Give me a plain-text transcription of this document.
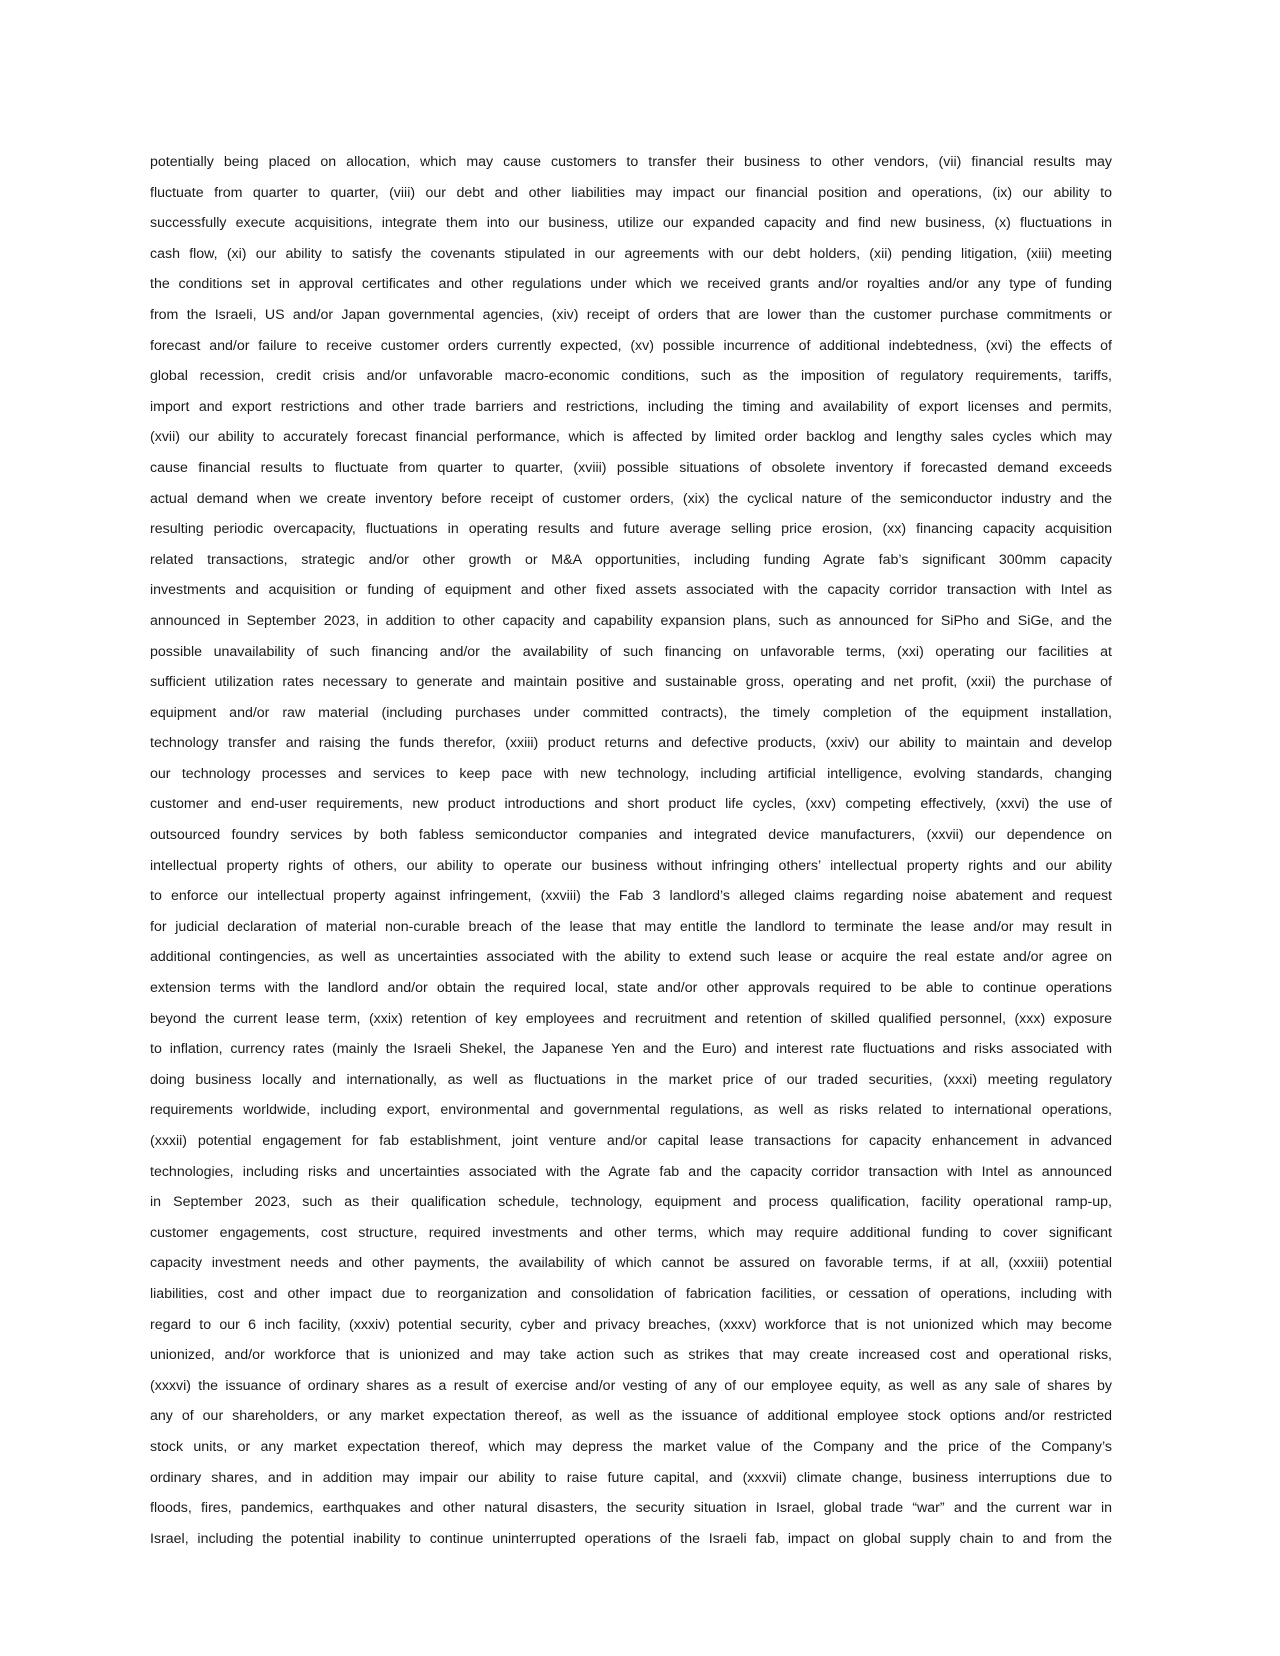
potentially being placed on allocation, which may cause customers to transfer their business to other vendors, (vii) financial results may
fluctuate from quarter to quarter, (viii) our debt and other liabilities may impact our financial position and operations, (ix) our ability to
successfully execute acquisitions, integrate them into our business, utilize our expanded capacity and find new business, (x) fluctuations in
cash flow, (xi) our ability to satisfy the covenants stipulated in our agreements with our debt holders, (xii) pending litigation, (xiii) meeting
the conditions set in approval certificates and other regulations under which we received grants and/or royalties and/or any type of funding
from the Israeli, US and/or Japan governmental agencies, (xiv) receipt of orders that are lower than the customer purchase commitments or
forecast and/or failure to receive customer orders currently expected, (xv) possible incurrence of additional indebtedness, (xvi) the effects of
global recession, credit crisis and/or unfavorable macro-economic conditions, such as the imposition of regulatory requirements, tariffs,
import and export restrictions and other trade barriers and restrictions, including the timing and availability of export licenses and permits,
(xvii) our ability to accurately forecast financial performance, which is affected by limited order backlog and lengthy sales cycles which may
cause financial results to fluctuate from quarter to quarter, (xviii) possible situations of obsolete inventory if forecasted demand exceeds
actual demand when we create inventory before receipt of customer orders, (xix) the cyclical nature of the semiconductor industry and the
resulting periodic overcapacity, fluctuations in operating results and future average selling price erosion, (xx) financing capacity acquisition
related transactions, strategic and/or other growth or M&A opportunities, including funding Agrate fab’s significant 300mm capacity
investments and acquisition or funding of equipment and other fixed assets associated with the capacity corridor transaction with Intel as
announced in September 2023, in addition to other capacity and capability expansion plans, such as announced for SiPho and SiGe, and the
possible unavailability of such financing and/or the availability of such financing on unfavorable terms, (xxi) operating our facilities at
sufficient utilization rates necessary to generate and maintain positive and sustainable gross, operating and net profit, (xxii) the purchase of
equipment and/or raw material (including purchases under committed contracts), the timely completion of the equipment installation,
technology transfer and raising the funds therefor, (xxiii) product returns and defective products, (xxiv) our ability to maintain and develop
our technology processes and services to keep pace with new technology, including artificial intelligence, evolving standards, changing
customer and end-user requirements, new product introductions and short product life cycles, (xxv) competing effectively, (xxvi) the use of
outsourced foundry services by both fabless semiconductor companies and integrated device manufacturers, (xxvii) our dependence on
intellectual property rights of others, our ability to operate our business without infringing others’ intellectual property rights and our ability
to enforce our intellectual property against infringement, (xxviii) the Fab 3 landlord’s alleged claims regarding noise abatement and request
for judicial declaration of material non-curable breach of the lease that may entitle the landlord to terminate the lease and/or may result in
additional contingencies, as well as uncertainties associated with the ability to extend such lease or acquire the real estate and/or agree on
extension terms with the landlord and/or obtain the required local, state and/or other approvals required to be able to continue operations
beyond the current lease term, (xxix) retention of key employees and recruitment and retention of skilled qualified personnel, (xxx) exposure
to inflation, currency rates (mainly the Israeli Shekel, the Japanese Yen and the Euro) and interest rate fluctuations and risks associated with
doing business locally and internationally, as well as fluctuations in the market price of our traded securities, (xxxi) meeting regulatory
requirements worldwide, including export, environmental and governmental regulations, as well as risks related to international operations,
(xxxii) potential engagement for fab establishment, joint venture and/or capital lease transactions for capacity enhancement in advanced
technologies, including risks and uncertainties associated with the Agrate fab and the capacity corridor transaction with Intel as announced
in September 2023, such as their qualification schedule, technology, equipment and process qualification, facility operational ramp-up,
customer engagements, cost structure, required investments and other terms, which may require additional funding to cover significant
capacity investment needs and other payments, the availability of which cannot be assured on favorable terms, if at all, (xxxiii) potential
liabilities, cost and other impact due to reorganization and consolidation of fabrication facilities, or cessation of operations, including with
regard to our 6 inch facility, (xxxiv) potential security, cyber and privacy breaches, (xxxv) workforce that is not unionized which may become
unionized, and/or workforce that is unionized and may take action such as strikes that may create increased cost and operational risks,
(xxxvi) the issuance of ordinary shares as a result of exercise and/or vesting of any of our employee equity, as well as any sale of shares by
any of our shareholders, or any market expectation thereof, as well as the issuance of additional employee stock options and/or restricted
stock units, or any market expectation thereof, which may depress the market value of the Company and the price of the Company’s
ordinary shares, and in addition may impair our ability to raise future capital, and (xxxvii) climate change, business interruptions due to
floods, fires, pandemics, earthquakes and other natural disasters, the security situation in Israel, global trade “war” and the current war in
Israel, including the potential inability to continue uninterrupted operations of the Israeli fab, impact on global supply chain to and from the
